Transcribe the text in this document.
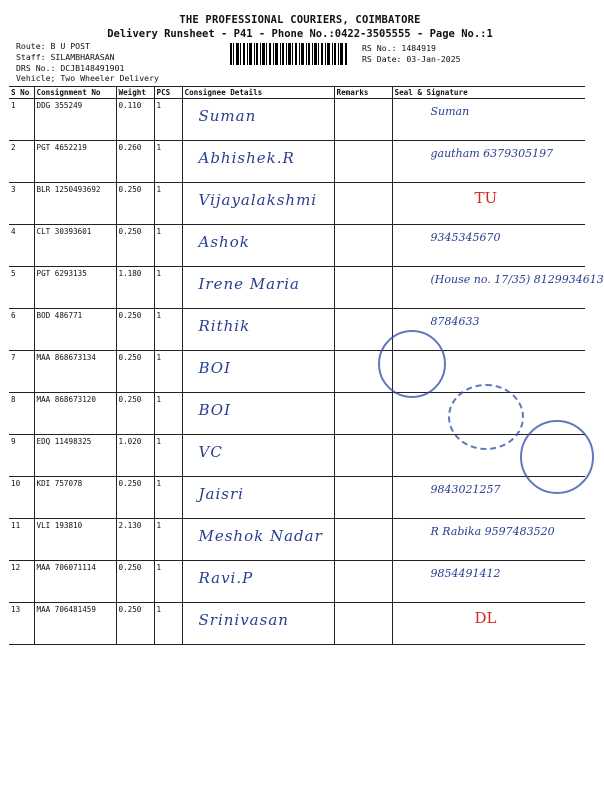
THE PROFESSIONAL COURIERS, COIMBATORE
Delivery Runsheet - P41 - Phone No.:0422-3505555 - Page No.:1
Route: B U POST
Staff: SILAMBHARASAN
DRS No.: DCJB148491901
Vehicle; Two Wheeler Delivery
RS No.: 1484919
RS Date: 03-Jan-2025
S No	Consignment No	Weight	PCS	Consignee Details	Remarks	Seal & Signature
1	DDG 355249	0.110	1	Suman		Suman

2	PGT 4652219	0.260	1	Abhishek.R		gautham 6379305197

3	BLR 1250493692	0.250	1	Vijayalakshmi		TU

4	CLT 30393601	0.250	1	Ashok		9345345670

5	PGT 6293135	1.180	1	Irene Maria		(House no. 17/35) 8129934613

6	BOD 486771	0.250	1	Rithik		8784633

7	MAA 868673134	0.250	1	BOI		

8	MAA 868673120	0.250	1	BOI		

9	EDQ 11498325	1.020	1	VC		

10	KDI 757078	0.250	1	Jaisri		9843021257

11	VLI 193810	2.130	1	Meshok Nadar		R Rabika 9597483520

12	MAA 706071114	0.250	1	Ravi.P		9854491412

13	MAA 706481459	0.250	1	Srinivasan		DL
